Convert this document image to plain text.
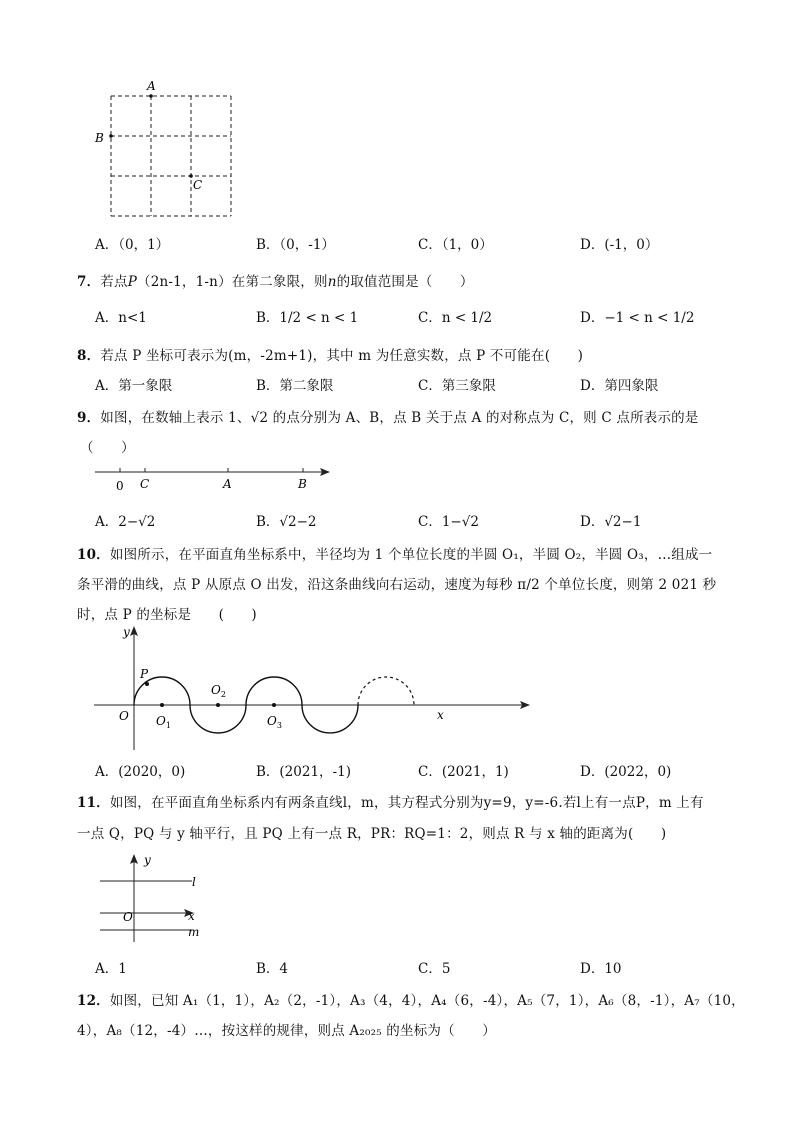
A
B
C
A．（0，1）	B．（0，-1）	C．（1，0）	D．(-1，0）
7．若点P（2n-1，1-n）在第二象限，则n的取值范围是（　　）
A．n<1	B．1/2 < n < 1	C．n < 1/2	D．−1 < n < 1/2
8．若点 P 坐标可表示为(m，-2m+1)，其中 m 为任意实数，点 P 不可能在(　　)
A．第一象限	B．第二象限	C．第三象限	D．第四象限
9．如图，在数轴上表示 1、√2 的点分别为 A、B，点 B 关于点 A 的对称点为 C，则 C 点所表示的是
（　　）
0 C	A	B
A．2−√2	B．√2−2	C．1−√2	D．√2−1
10．如图所示，在平面直角坐标系中，半径均为 1 个单位长度的半圆 O₁，半圆 O₂，半圆 O₃，…组成一
条平滑的曲线，点 P 从原点 O 出发，沿这条曲线向右运动，速度为每秒 π/2 个单位长度，则第 2 021 秒
时，点 P 的坐标是　　(　　)
y
x
P
O $O_1$
$O_2$
$O_3$
A．(2020，0)	B．(2021，-1)	C．(2021，1)	D．(2022，0)
11．如图，在平面直角坐标系内有两条直线l，m，其方程式分别为y=9，y=-6.若l上有一点P，m 上有
一点 Q，PQ 与 y 轴平行，且 PQ 上有一点 R，PR：RQ=1：2，则点 R 与 x 轴的距离为(　　)
y
x
O
l
m
A．1	B．4	C．5	D．10
12．如图，已知 A₁（1，1），A₂（2，-1），A₃（4，4），A₄（6，-4），A₅（7，1），A₆（8，-1），A₇（10，
4），A₈（12，-4）…，按这样的规律，则点 A₂₀₂₅ 的坐标为（　　）
